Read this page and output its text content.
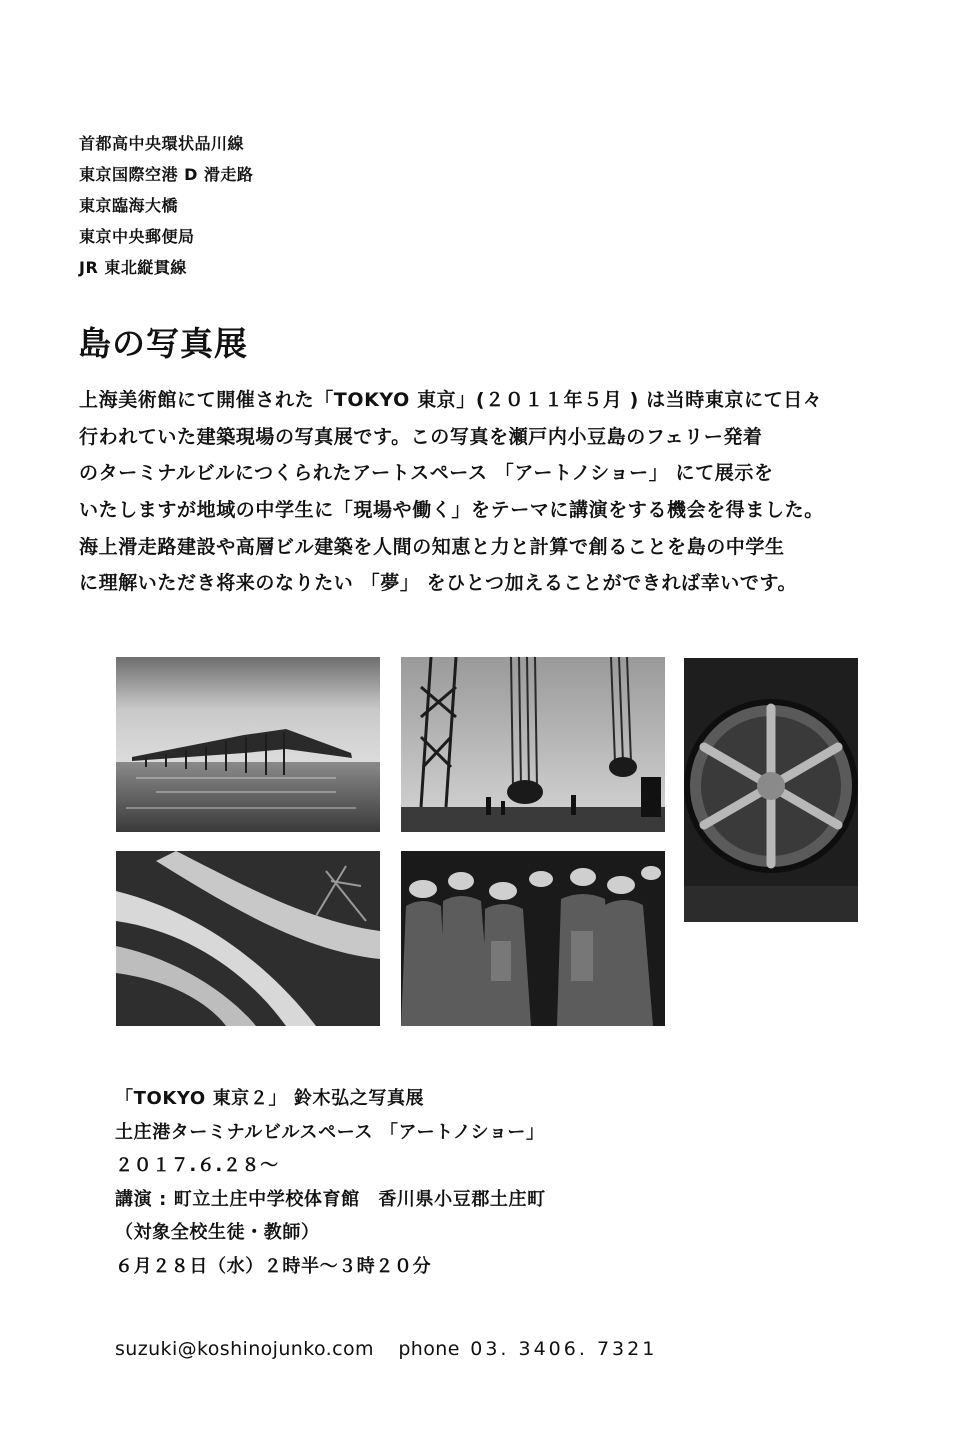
首都高中央環状品川線
東京国際空港 D 滑走路
東京臨海大橋
東京中央郵便局
JR 東北縦貫線
島の写真展
上海美術館にて開催された「TOKYO 東京」(２０１１年５月 ) は当時東京にて日々
行われていた建築現場の写真展です。この写真を瀬戸内小豆島のフェリー発着
のターミナルビルにつくられたアートスペース 「アートノショー」 にて展示を
いたしますが地域の中学生に「現場や働く」をテーマに講演をする機会を得ました。
海上滑走路建設や高層ビル建築を人間の知恵と力と計算で創ることを島の中学生
に理解いただき将来のなりたい 「夢」 をひとつ加えることができれば幸いです。
「TOKYO 東京２」 鈴木弘之写真展
土庄港ターミナルビルスペース 「アートノショー」
２０１７.６.２８～
講演 : 町立土庄中学校体育館　香川県小豆郡土庄町
（対象全校生徒・教師）
６月２８日（水）２時半～３時２０分
suzuki@koshinojunko.com phone 03. 3406. 7321
